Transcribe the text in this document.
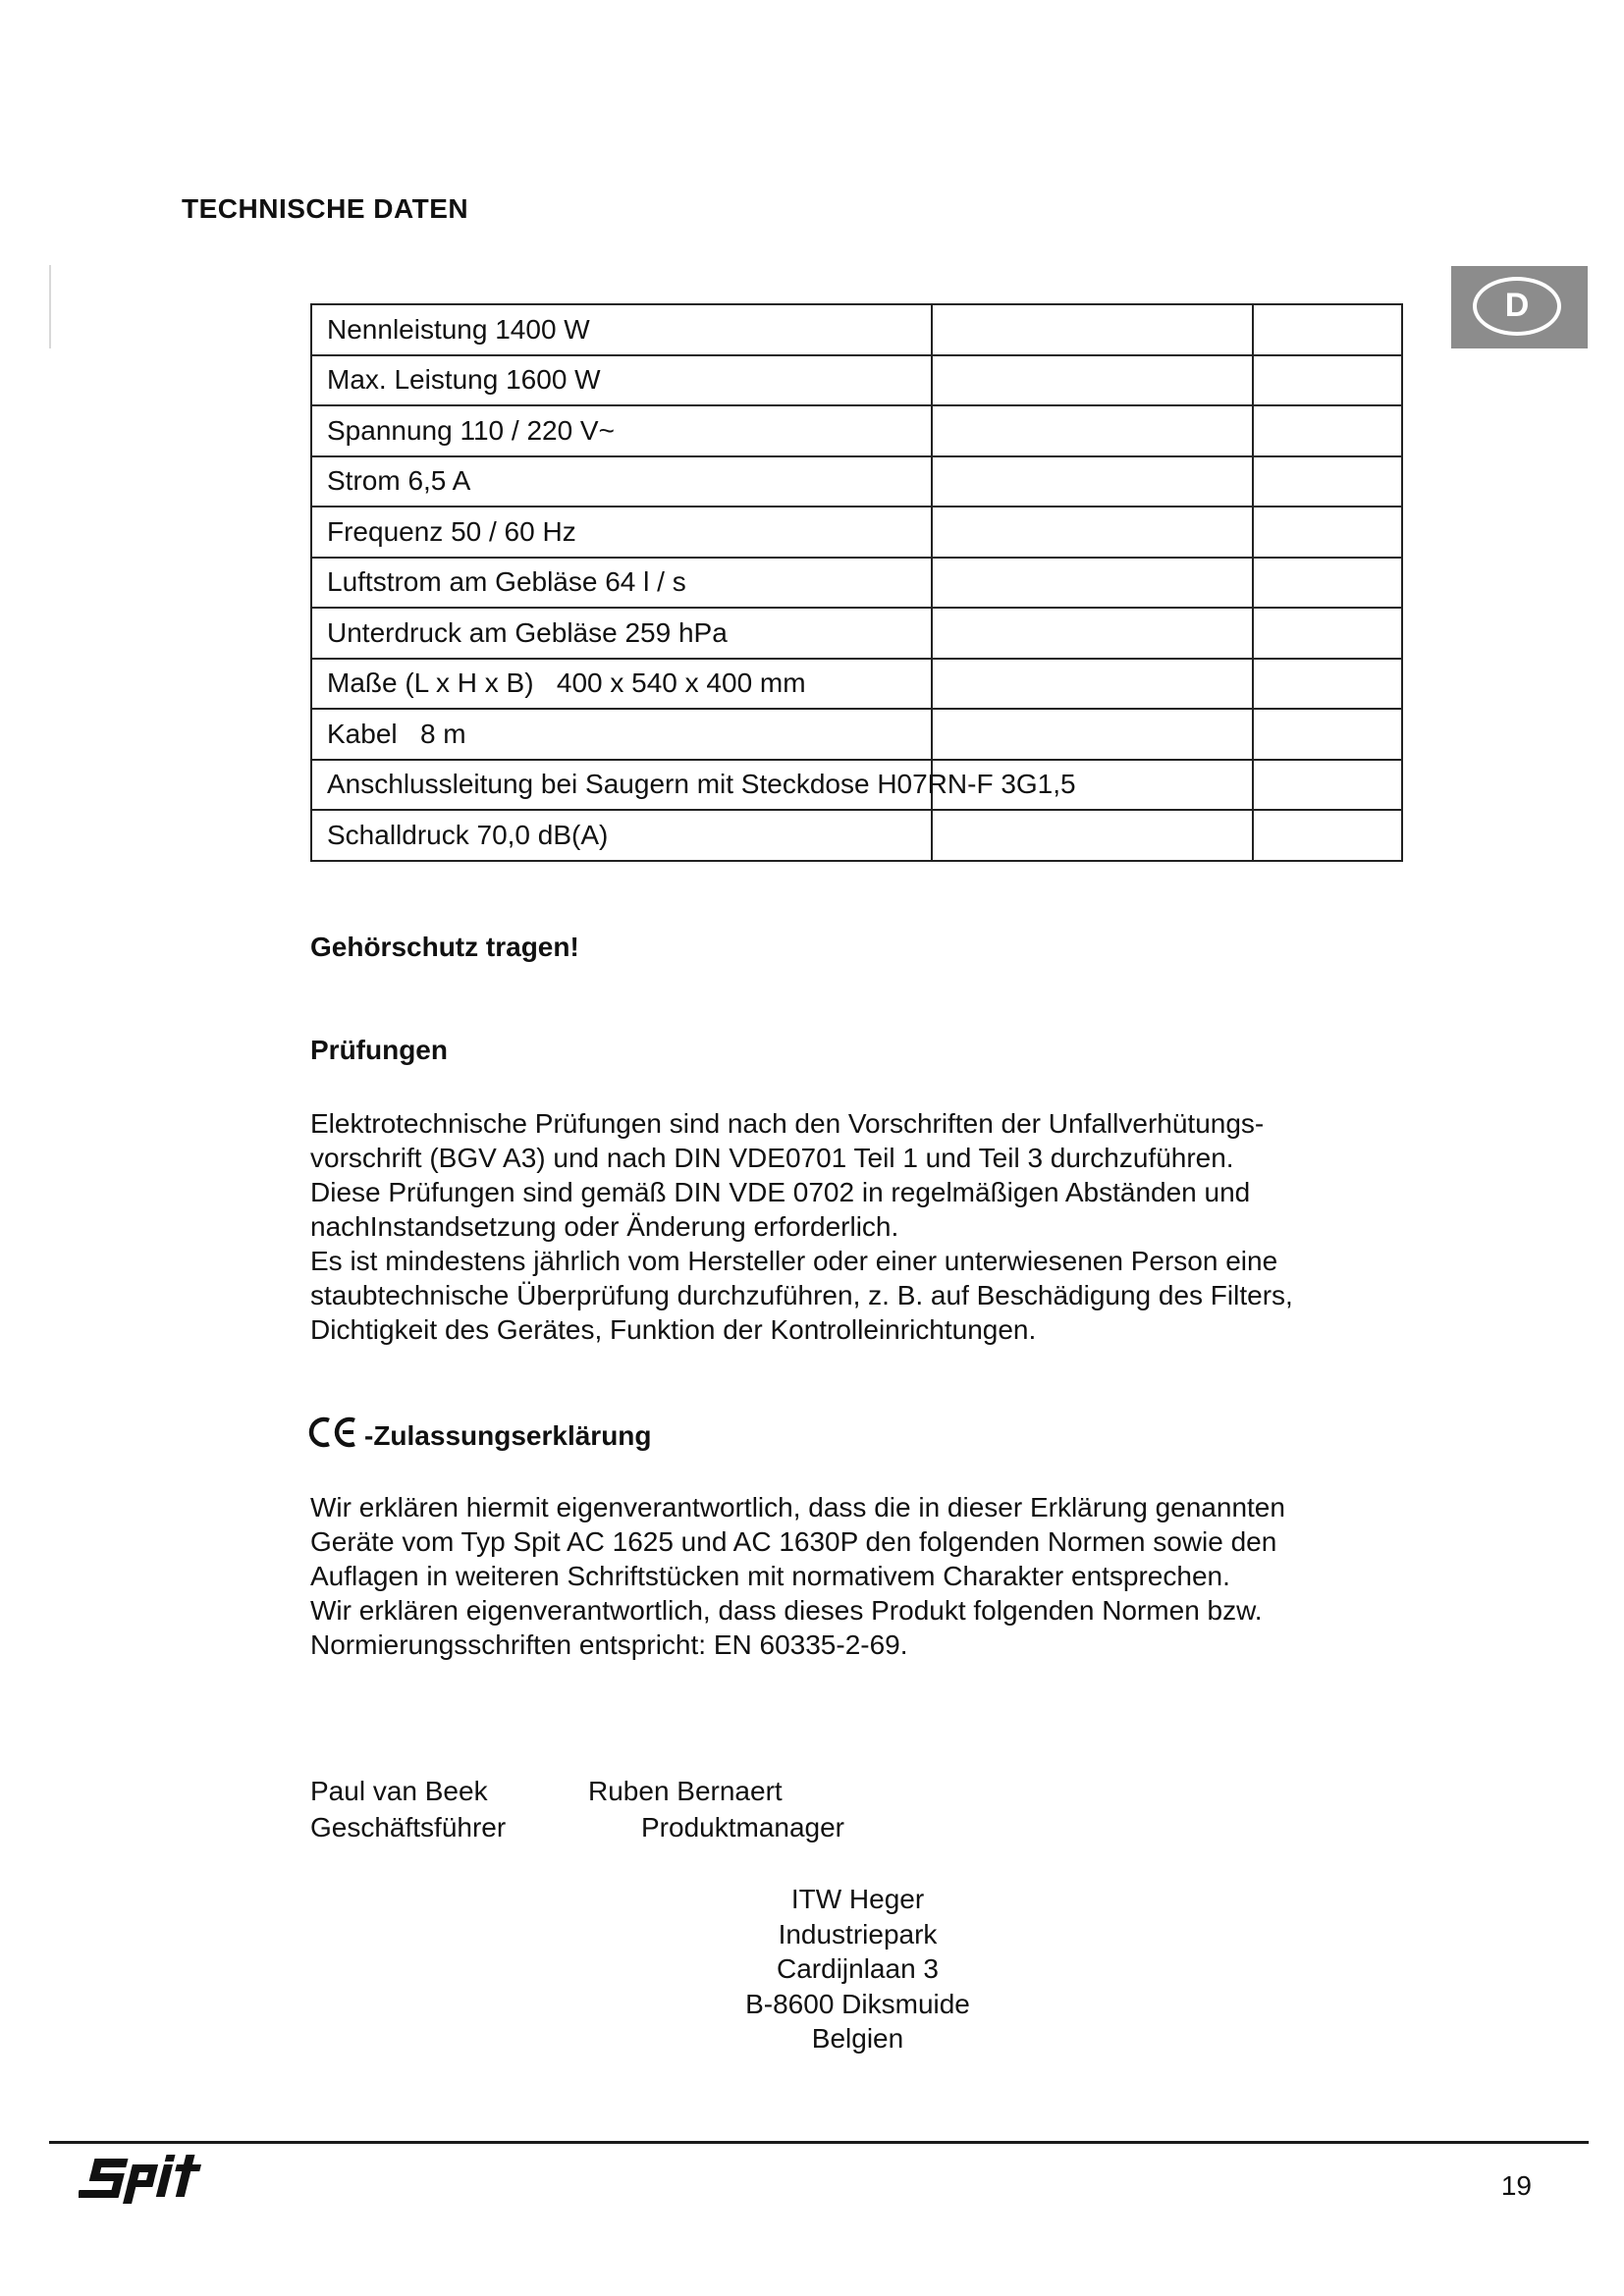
TECHNISCHE DATEN
D
Nennleistung 1400 W		
Max. Leistung 1600 W		
Spannung 110 / 220 V~		
Strom 6,5 A		
Frequenz 50 / 60 Hz		
Luftstrom am Gebläse 64 l / s		
Unterdruck am Gebläse 259 hPa		
Maße (L x H x B)   400 x 540 x 400 mm		
Kabel   8 m		
Anschlussleitung bei Saugern mit Steckdose H07RN-F 3G1,5		
Schalldruck 70,0 dB(A)		
Gehörschutz tragen!
Prüfungen
Elektrotechnische Prüfungen sind nach den Vorschriften der Unfallverhütungs-
vorschrift (BGV A3) und nach DIN VDE0701 Teil 1 und Teil 3 durchzuführen.
Diese Prüfungen sind gemäß DIN VDE 0702 in regelmäßigen Abständen und
nachInstandsetzung oder Änderung erforderlich.
Es ist mindestens jährlich vom Hersteller oder einer unterwiesenen Person eine
staubtechnische Überprüfung durchzuführen, z. B. auf Beschädigung des Filters,
Dichtigkeit des Gerätes, Funktion der Kontrolleinrichtungen.
-Zulassungserklärung
Wir erklären hiermit eigenverantwortlich, dass die in dieser Erklärung genannten
Geräte vom Typ Spit AC 1625 und AC 1630P den folgenden Normen sowie den
Auflagen in weiteren Schriftstücken mit normativem Charakter entsprechen.
Wir erklären eigenverantwortlich, dass dieses Produkt folgenden Normen bzw.
Normierungsschriften entspricht: EN 60335-2-69.
Paul van Beek
Geschäftsführer
Ruben Bernaert
Produktmanager
ITW Heger
Industriepark
Cardijnlaan 3
B-8600 Diksmuide
Belgien
19
